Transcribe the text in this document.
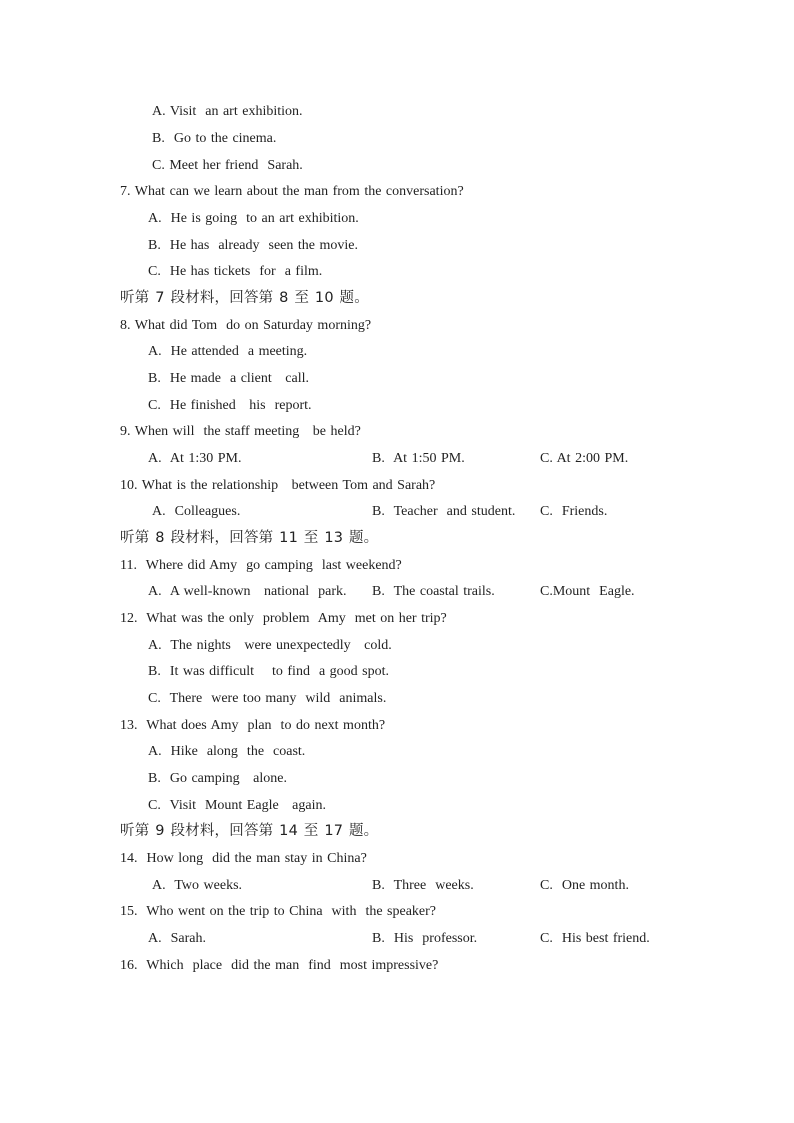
A. Visit  an art exhibition.
B.  Go to the cinema.
C. Meet her friend  Sarah.
7. What can we learn about the man from the conversation?
A.  He is going  to an art exhibition.
B.  He has  already  seen the movie.
C.  He has tickets  for  a film.
听第 7 段材料，回答第 8 至 10 题。
8. What did Tom  do on Saturday morning?
A.  He attended  a meeting.
B.  He made  a client   call.
C.  He finished   his  report.
9. When will  the staff meeting   be held?
A.  At 1:30 PM.	B.  At 1:50 PM.	C. At 2:00 PM.
10. What is the relationship   between Tom and Sarah?
A.  Colleagues.	B.  Teacher  and student. C.  Friends.
听第 8 段材料，回答第 11 至 13 题。
11.  Where did Amy  go camping  last weekend?
A.  A well-known   national  park. B.  The coastal trails.	C.Mount  Eagle.
12.  What was the only  problem  Amy  met on her trip?
A.  The nights   were unexpectedly   cold.
B.  It was difficult    to find  a good spot.
C.  There  were too many  wild  animals.
13.  What does Amy  plan  to do next month?
A.  Hike  along  the  coast.
B.  Go camping   alone.
C.  Visit  Mount Eagle   again.
听第 9 段材料，回答第 14 至 17 题。
14.  How long  did the man stay in China?
A.  Two weeks.	B.  Three  weeks.	C.  One month.
15.  Who went on the trip to China  with  the speaker?
A.  Sarah.	B.  His  professor.	C.  His best friend.
16.  Which  place  did the man  find  most impressive?
